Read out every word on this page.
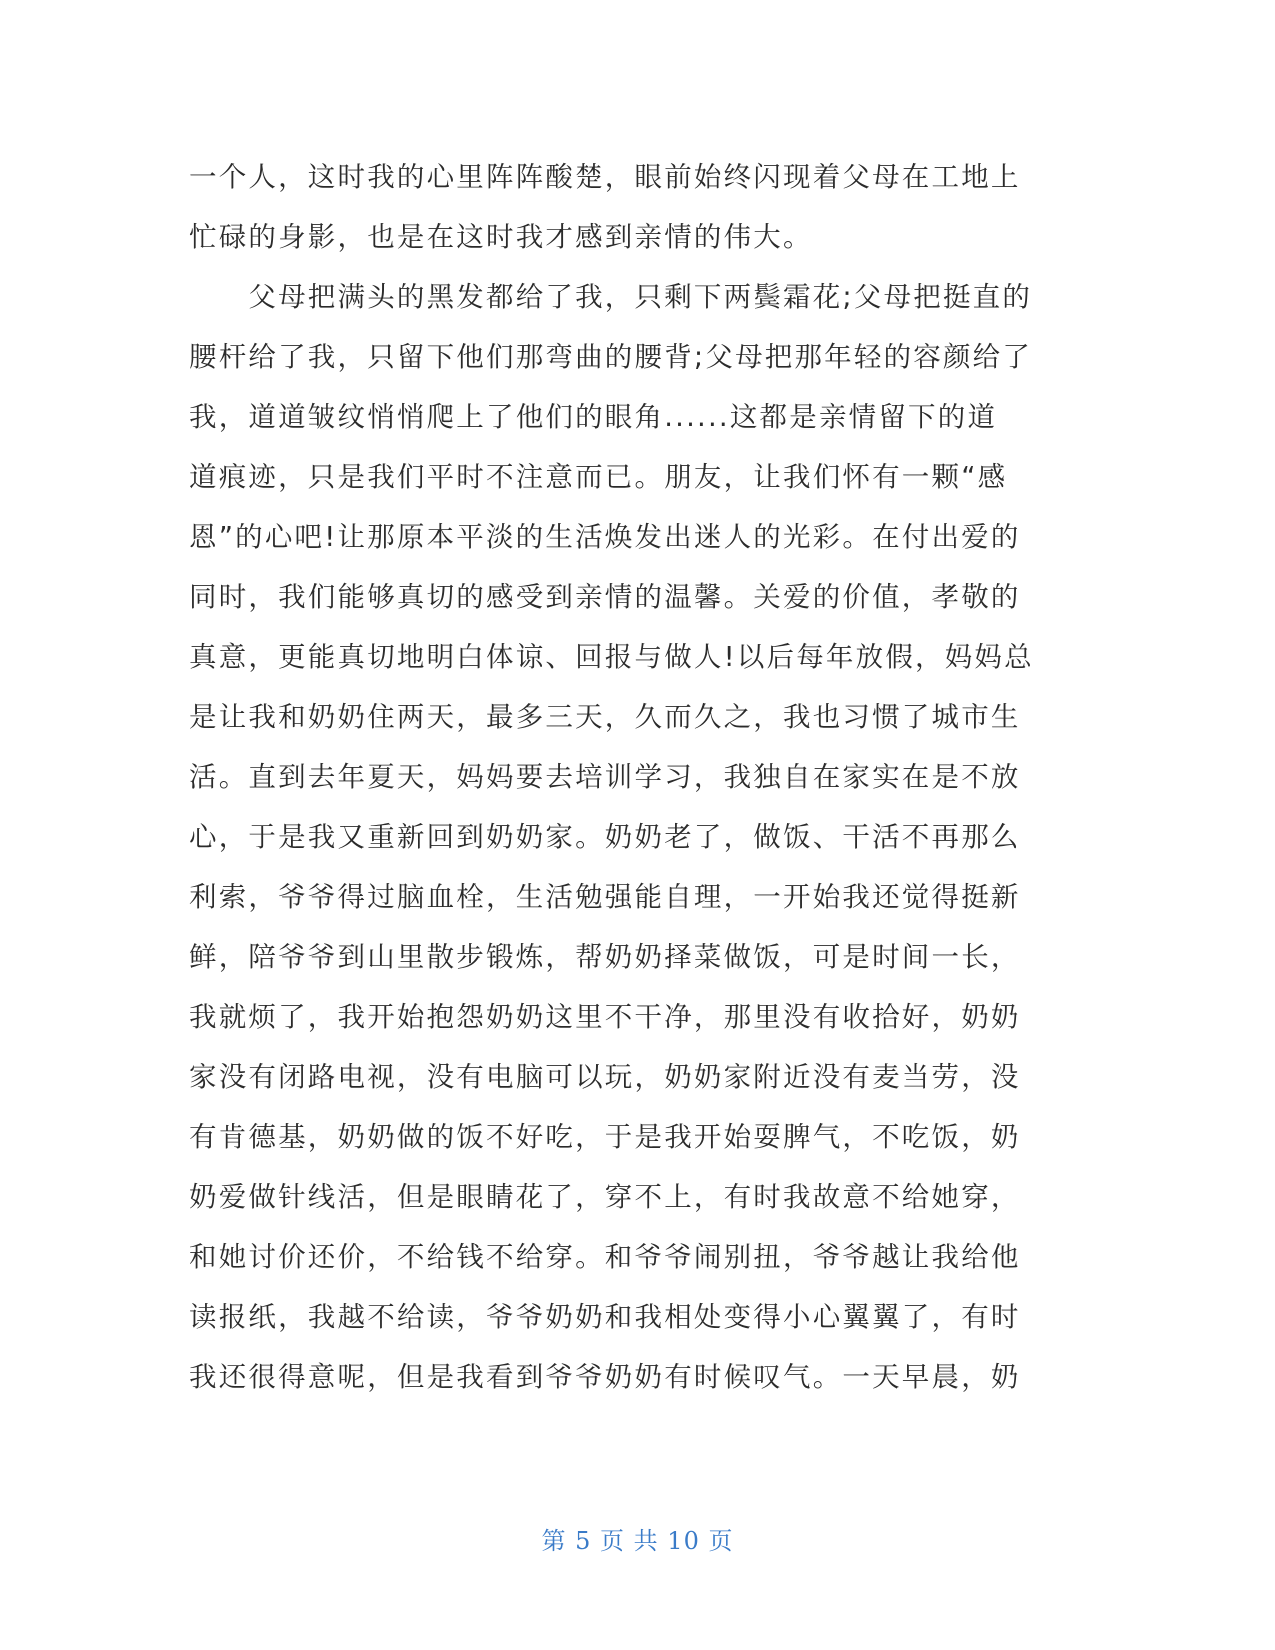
一个人，这时我的心里阵阵酸楚，眼前始终闪现着父母在工地上
忙碌的身影，也是在这时我才感到亲情的伟大。
　　父母把满头的黑发都给了我，只剩下两鬓霜花;父母把挺直的
腰杆给了我，只留下他们那弯曲的腰背;父母把那年轻的容颜给了
我，道道皱纹悄悄爬上了他们的眼角......这都是亲情留下的道
道痕迹，只是我们平时不注意而已。朋友，让我们怀有一颗“感
恩”的心吧!让那原本平淡的生活焕发出迷人的光彩。在付出爱的
同时，我们能够真切的感受到亲情的温馨。关爱的价值，孝敬的
真意，更能真切地明白体谅、回报与做人!以后每年放假，妈妈总
是让我和奶奶住两天，最多三天，久而久之，我也习惯了城市生
活。直到去年夏天，妈妈要去培训学习，我独自在家实在是不放
心，于是我又重新回到奶奶家。奶奶老了，做饭、干活不再那么
利索，爷爷得过脑血栓，生活勉强能自理，一开始我还觉得挺新
鲜，陪爷爷到山里散步锻炼，帮奶奶择菜做饭，可是时间一长，
我就烦了，我开始抱怨奶奶这里不干净，那里没有收拾好，奶奶
家没有闭路电视，没有电脑可以玩，奶奶家附近没有麦当劳，没
有肯德基，奶奶做的饭不好吃，于是我开始耍脾气，不吃饭，奶
奶爱做针线活，但是眼睛花了，穿不上，有时我故意不给她穿，
和她讨价还价，不给钱不给穿。和爷爷闹别扭，爷爷越让我给他
读报纸，我越不给读，爷爷奶奶和我相处变得小心翼翼了，有时
我还很得意呢，但是我看到爷爷奶奶有时候叹气。一天早晨，奶
第 5 页 共 10 页
